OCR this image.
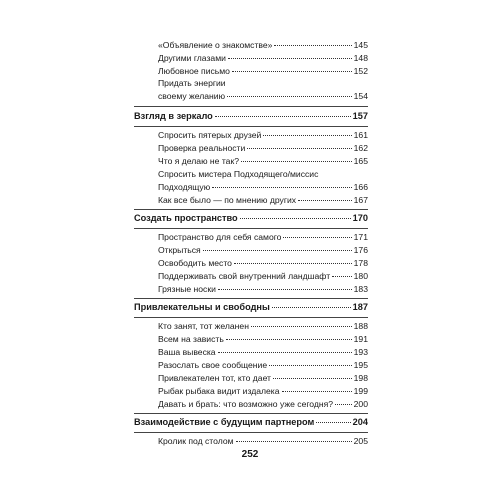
«Объявление о знакомстве»	145
Другими глазами	148
Любовное письмо	152
Придать энергии
своему желанию	154
Взгляд в зеркало	157
Спросить пятерых друзей	161
Проверка реальности	162
Что я делаю не так?	165
Спросить мистера Подходящего/миссис
Подходящую	166
Как все было — по мнению других	167
Создать пространство	170
Пространство для себя самого	171
Открыться	176
Освободить место	178
Поддерживать свой внутренний ландшафт	180
Грязные носки	183
Привлекательны и свободны	187
Кто занят, тот желанен	188
Всем на зависть	191
Ваша вывеска	193
Разослать свое сообщение	195
Привлекателен тот, кто дает	198
Рыбак рыбака видит издалека	199
Давать и брать: что возможно уже сегодня? 200
Взаимодействие с будущим партнером	204
Кролик под столом	205
252
